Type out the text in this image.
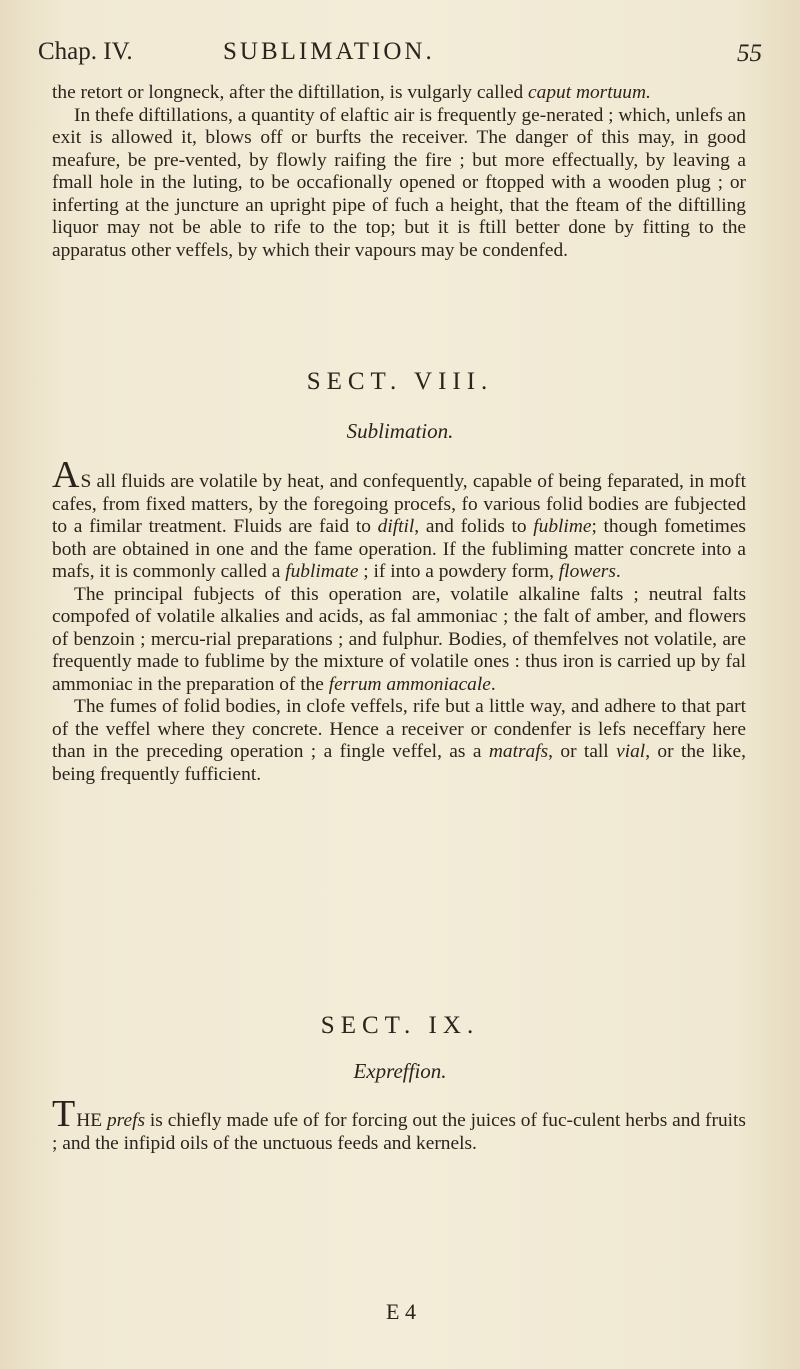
Chap. IV.	SUBLIMATION.	55

the retort or longneck, after the diftillation, is vulgarly called caput mortuum.

In thefe diftillations, a quantity of elaftic air is frequently ge-nerated ; which, unlefs an exit is allowed it, blows off or burfts the receiver. The danger of this may, in good meafure, be pre-vented, by flowly raifing the fire ; but more effectually, by leaving a fmall hole in the luting, to be occafionally opened or ftopped with a wooden plug ; or inferting at the juncture an upright pipe of fuch a height, that the fteam of the diftilling liquor may not be able to rife to the top; but it is ftill better done by fitting to the apparatus other veffels, by which their vapours may be condenfed.

SECT. VIII.
Sublimation.

AS all fluids are volatile by heat, and confequently, capable of being feparated, in moft cafes, from fixed matters, by the foregoing procefs, fo various folid bodies are fubjected to a fimilar treatment. Fluids are faid to diftil, and folids to fublime; though fometimes both are obtained in one and the fame operation. If the fubliming matter concrete into a mafs, it is commonly called a fublimate ; if into a powdery form, flowers.

The principal fubjects of this operation are, volatile alkaline falts ; neutral falts compofed of volatile alkalies and acids, as fal ammoniac ; the falt of amber, and flowers of benzoin ; mercu-rial preparations ; and fulphur. Bodies, of themfelves not volatile, are frequently made to fublime by the mixture of volatile ones : thus iron is carried up by fal ammoniac in the preparation of the ferrum ammoniacale.

The fumes of folid bodies, in clofe veffels, rife but a little way, and adhere to that part of the veffel where they concrete. Hence a receiver or condenfer is lefs neceffary here than in the preceding operation ; a fingle veffel, as a matrafs, or tall vial, or the like, being frequently fufficient.

SECT. IX.
Expreffion.

THE prefs is chiefly made ufe of for forcing out the juices of fuc-culent herbs and fruits ; and the infipid oils of the unctuous feeds and kernels.

E 4
